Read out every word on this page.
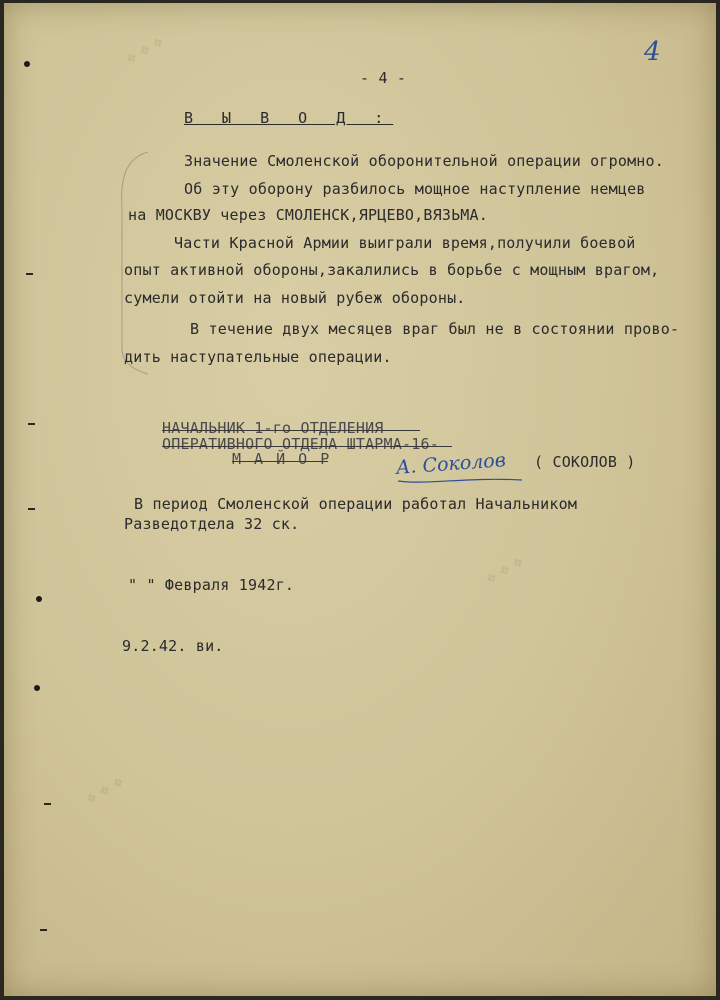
❖ ❖ ❖
❖ ❖ ❖
❖ ❖ ❖
- 4 -
4
В Ы В О Д :
Значение Смоленской оборонительной операции огромно.
Об эту оборону разбилось мощное наступление немцев
на МОСКВУ через СМОЛЕНСК,ЯРЦЕВО,ВЯЗЬМА.
Части Красной Армии выиграли время,получили боевой
опыт активной обороны,закалились в борьбе с мощным врагом,
сумели отойти на новый рубеж обороны.
В течение двух месяцев враг был не в состоянии прово-
дить наступательные операции.
НАЧАЛЬНИК 1-го ОТДЕЛЕНИЯ
ОПЕРАТИВНОГО ОТДЕЛА ШТАРМА-16-
М А Й О Р	А. Соколов ( СОКОЛОВ )
В период Смоленской операции работал Начальником
Разведотдела 32 ск.
" " Февраля 1942г.
9.2.42. ви.
